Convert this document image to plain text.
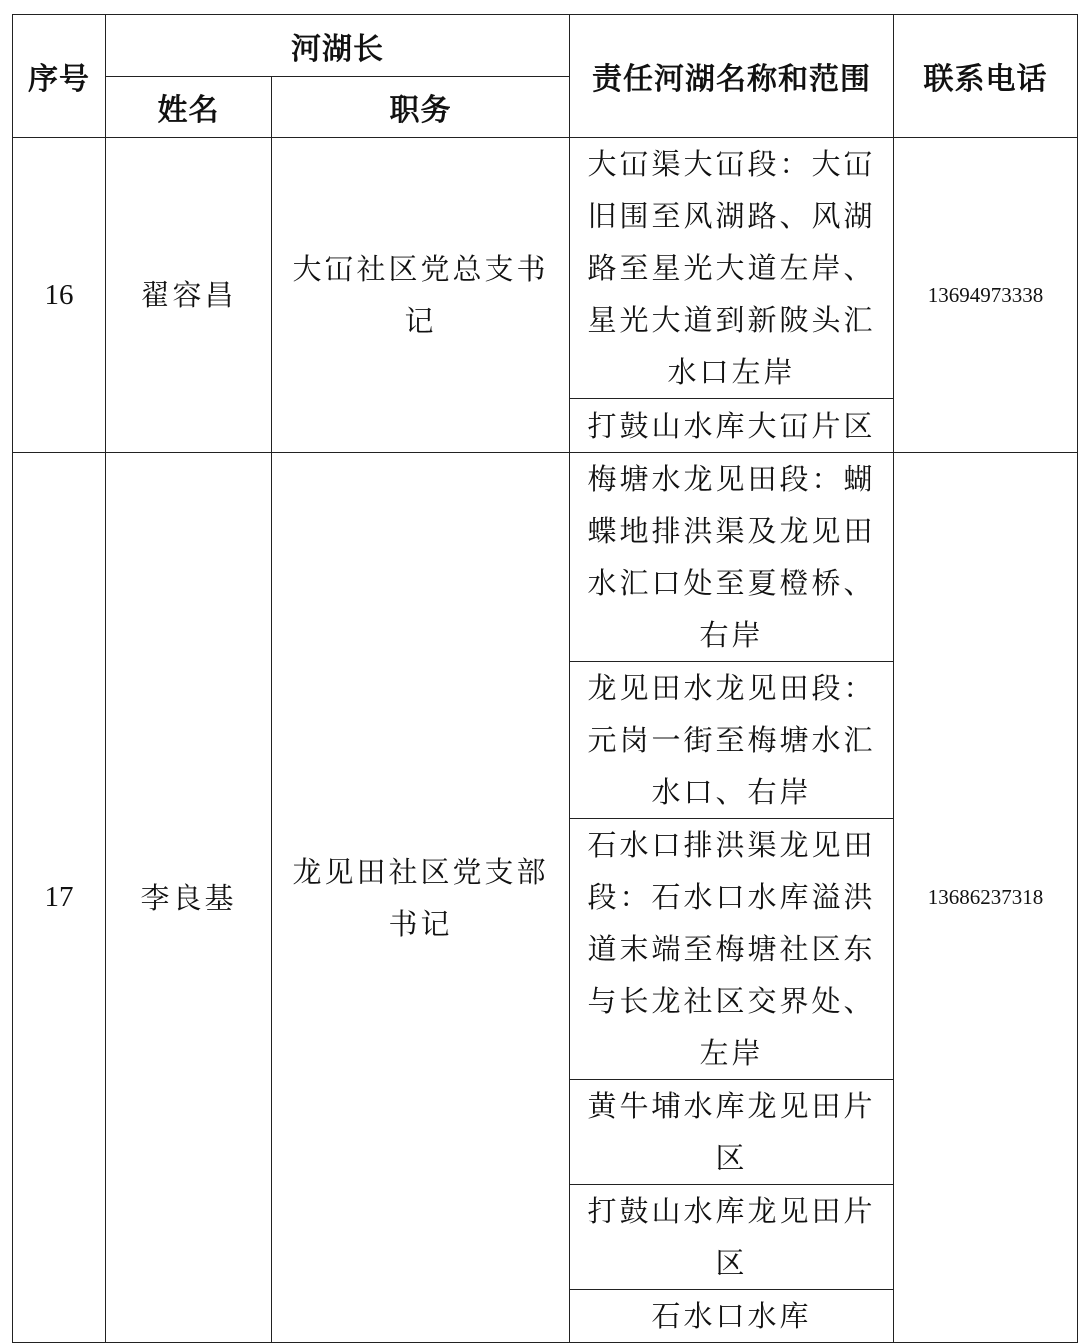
序号	河湖长		责任河湖名称和范围	联系电话
	姓名	职务		
16	翟容昌	大冚社区党总支书记	大冚渠大冚段：大冚旧围至风湖路、风湖路至星光大道左岸、星光大道到新陂头汇水口左岸	13694973338
			打鼓山水库大冚片区	
17	李良基	龙见田社区党支部书记	梅塘水龙见田段：蝴蝶地排洪渠及龙见田水汇口处至夏橙桥、右岸	13686237318
			龙见田水龙见田段：元岗一街至梅塘水汇水口、右岸	
			石水口排洪渠龙见田段：石水口水库溢洪道末端至梅塘社区东与长龙社区交界处、左岸	
			黄牛埔水库龙见田片区	
			打鼓山水库龙见田片区	
			石水口水库	
